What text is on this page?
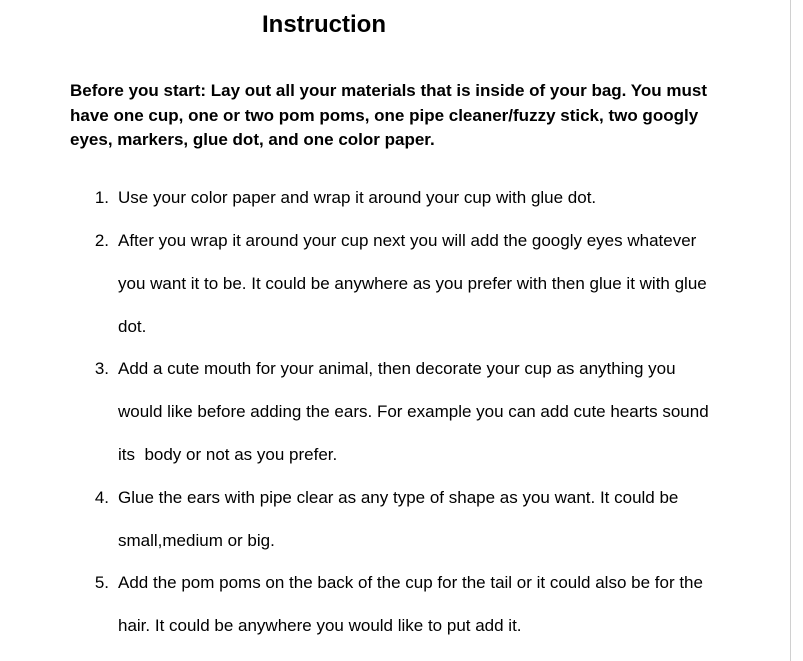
Instruction

Before you start: Lay out all your materials that is inside of your bag. You must have one cup, one or two pom poms, one pipe cleaner/fuzzy stick, two googly eyes, markers, glue dot, and one color paper.

1. Use your color paper and wrap it around your cup with glue dot.
2. After you wrap it around your cup next you will add the googly eyes whatever you want it to be. It could be anywhere as you prefer with then glue it with glue dot.
3. Add a cute mouth for your animal, then decorate your cup as anything you would like before adding the ears. For example you can add cute hearts sound its  body or not as you prefer.
4. Glue the ears with pipe clear as any type of shape as you want. It could be small,medium or big.
5. Add the pom poms on the back of the cup for the tail or it could also be for the hair. It could be anywhere you would like to put add it.
